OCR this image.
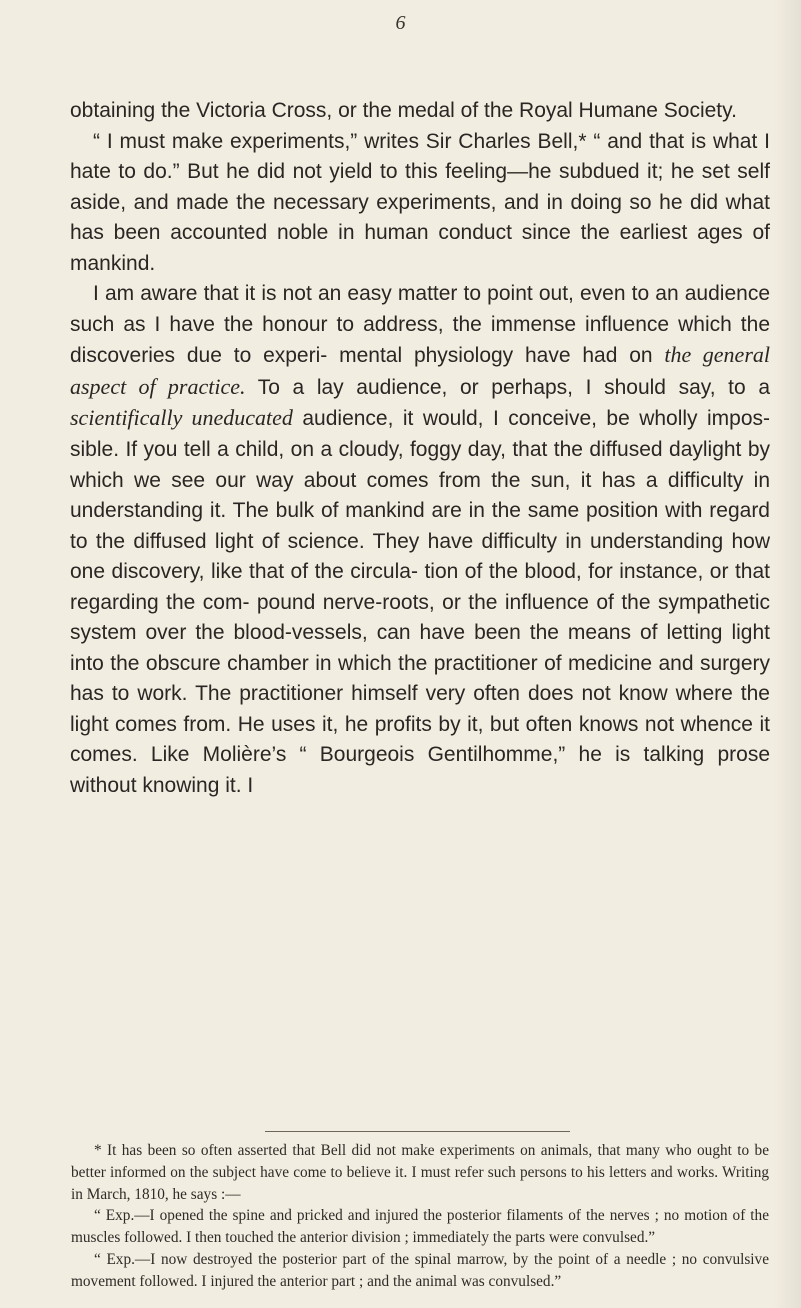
6

obtaining the Victoria Cross, or the medal of the Royal Humane Society.

“ I must make experiments,” writes Sir Charles Bell,* “ and that is what I hate to do.” But he did not yield to this feeling—he subdued it; he set self aside, and made the necessary experiments, and in doing so he did what has been accounted noble in human conduct since the earliest ages of mankind.

I am aware that it is not an easy matter to point out, even to an audience such as I have the honour to address, the immense influence which the discoveries due to experi- mental physiology have had on the general aspect of practice. To a lay audience, or perhaps, I should say, to a scientifically uneducated audience, it would, I conceive, be wholly impos- sible. If you tell a child, on a cloudy, foggy day, that the diffused daylight by which we see our way about comes from the sun, it has a difficulty in understanding it. The bulk of mankind are in the same position with regard to the diffused light of science. They have difficulty in understanding how one discovery, like that of the circula- tion of the blood, for instance, or that regarding the com- pound nerve-roots, or the influence of the sympathetic system over the blood-vessels, can have been the means of letting light into the obscure chamber in which the practitioner of medicine and surgery has to work. The practitioner himself very often does not know where the light comes from. He uses it, he profits by it, but often knows not whence it comes. Like Molière’s “ Bourgeois Gentilhomme,” he is talking prose without knowing it. I

* It has been so often asserted that Bell did not make experiments on animals, that many who ought to be better informed on the subject have come to believe it. I must refer such persons to his letters and works. Writing in March, 1810, he says :—

“ Exp.—I opened the spine and pricked and injured the posterior filaments of the nerves ; no motion of the muscles followed. I then touched the anterior division ; immediately the parts were convulsed.”

“ Exp.—I now destroyed the posterior part of the spinal marrow, by the point of a needle ; no convulsive movement followed. I injured the anterior part ; and the animal was convulsed.”
